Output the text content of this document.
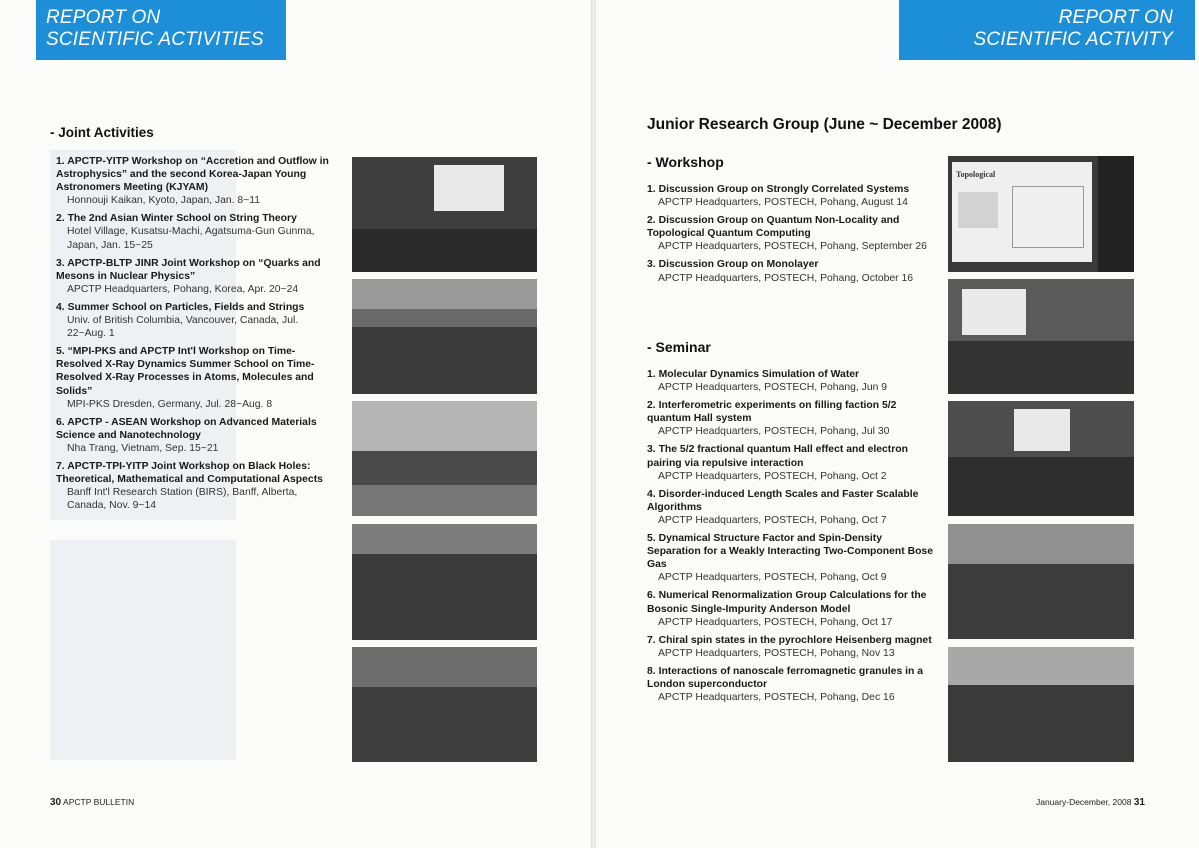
REPORT ON
SCIENTIFIC ACTIVITIES
- Joint Activities
1. APCTP-YITP Workshop on “Accretion and Outflow in Astrophysics” and the second Korea-Japan Young Astronomers Meeting (KJYAM)
Honnouji Kaikan, Kyoto, Japan, Jan. 8~11
2. The 2nd Asian Winter School on String Theory
Hotel Village, Kusatsu-Machi, Agatsuma-Gun Gunma, Japan, Jan. 15~25
3. APCTP-BLTP JINR Joint Workshop on “Quarks and Mesons in Nuclear Physics”
APCTP Headquarters, Pohang, Korea, Apr. 20~24
4. Summer School on Particles, Fields and Strings
Univ. of British Columbia, Vancouver, Canada, Jul. 22~Aug. 1
5. “MPI-PKS and APCTP Int'l Workshop on Time-Resolved X-Ray Dynamics Summer School on Time-Resolved X-Ray Processes in Atoms, Molecules and Solids”
MPI-PKS Dresden, Germany, Jul. 28~Aug. 8
6. APCTP - ASEAN Workshop on Advanced Materials Science and Nanotechnology
Nha Trang, Vietnam, Sep. 15~21
7. APCTP-TPI-YITP Joint Workshop on Black Holes: Theoretical, Mathematical and Computational Aspects
Banff Int'l Research Station (BIRS), Banff, Alberta, Canada, Nov. 9~14
30 APCTP BULLETIN
REPORT ON
SCIENTIFIC ACTIVITY
Junior Research Group (June ~ December 2008)
- Workshop
1. Discussion Group on Strongly Correlated Systems
APCTP Headquarters, POSTECH, Pohang, August 14
2. Discussion Group on Quantum Non-Locality and Topological Quantum Computing
APCTP Headquarters, POSTECH, Pohang, September 26
3. Discussion Group on Monolayer
APCTP Headquarters, POSTECH, Pohang, October 16
- Seminar
1. Molecular Dynamics Simulation of Water
APCTP Headquarters, POSTECH, Pohang, Jun 9
2. Interferometric experiments on filling faction 5/2 quantum Hall system
APCTP Headquarters, POSTECH, Pohang, Jul 30
3. The 5/2 fractional quantum Hall effect and electron pairing via repulsive interaction
APCTP Headquarters, POSTECH, Pohang, Oct 2
4. Disorder-induced Length Scales and Faster Scalable Algorithms
APCTP Headquarters, POSTECH, Pohang, Oct 7
5. Dynamical Structure Factor and Spin-Density Separation for a Weakly Interacting Two-Component Bose Gas
APCTP Headquarters, POSTECH, Pohang, Oct 9
6. Numerical Renormalization Group Calculations for the Bosonic Single-Impurity Anderson Model
APCTP Headquarters, POSTECH, Pohang, Oct 17
7. Chiral spin states in the pyrochlore Heisenberg magnet
APCTP Headquarters, POSTECH, Pohang, Nov 13
8. Interactions of nanoscale ferromagnetic granules in a London superconductor
APCTP Headquarters, POSTECH, Pohang, Dec 16
Topological
January-December, 2008 31
